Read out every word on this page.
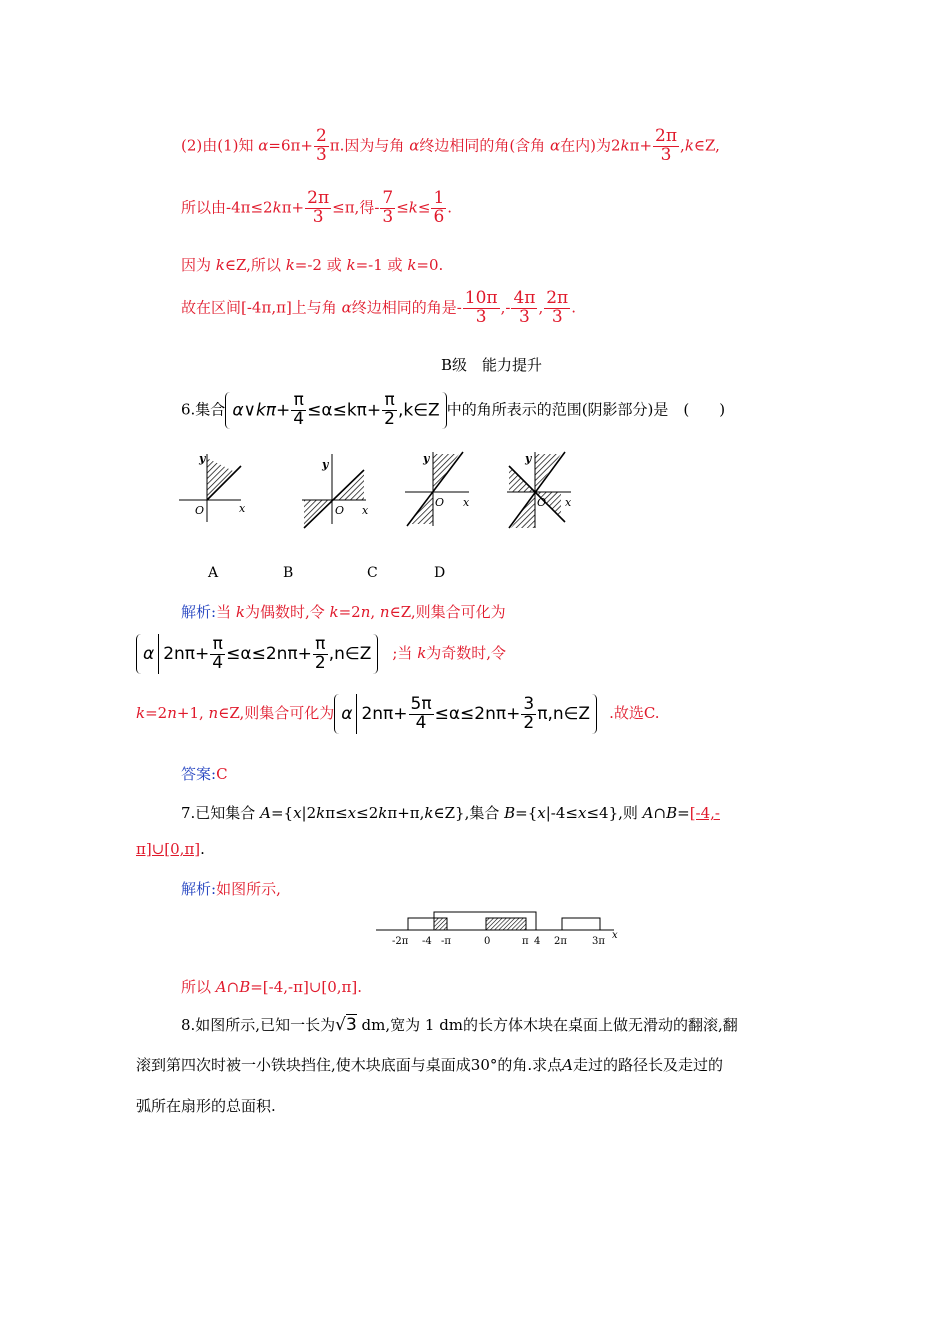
(2)由(1)知 $\alpha=6\pi+ \frac{2}{3} \pi$.因为与角 α终边相同的角(含角 α在内)为$2k\pi+ \frac{2\pi}{3}$ ,k∈Z,
所以由$-4\pi\le 2k\pi+ \frac{2\pi}{3} \le\pi$,得- $\frac{7}{3} \le k\le \frac{1}{6}$ .
因为 k∈Z,所以 k=-2 或 k=-1 或 k=0.
故在区间[-4π,π]上与角 α终边相同的角是- $\frac{10\pi}{3}$ ,- $\frac{4\pi}{3}$ , $\frac{2\pi}{3}$ .
B级　能力提升
6.集合 α∨kπ+ $\frac{\pi}{4} \le\alpha\le k\pi+ \frac{\pi}{2}$ ,k∈Z 中的角所表示的范围(阴影部分)是　(　　)
y
O	x
y
O x
y
O x
y
O x
A	B	C	D
解析:当 k为偶数时,令 k=2n, n∈Z,则集合可化为
α $2n\pi+ \frac{\pi}{4} \le\alpha\le 2n\pi+ \frac{\pi}{2}$ ,n∈Z ;当 k为奇数时,令
k=2n+1, n∈Z,则集合可化为 α $2n\pi+ \frac{5\pi}{4} \le\alpha\le 2n\pi+ \frac{3}{2}$ π,n∈Z .故选C.
答案:C
7.已知集合 A={x|2kπ≤x≤2kπ+π,k∈Z},集合 B={x|-4≤x≤4},则 A∩B=[-4,-
π]∪[0,π].
解析:如图所示,
-2π -4 -π	0	π 4 2π	3π
x
所以 A∩B=[-4,-π]∪[0,π].
8.如图所示,已知一长为√3 dm,宽为 1 dm的长方体木块在桌面上做无滑动的翻滚,翻
滚到第四次时被一小铁块挡住,使木块底面与桌面成30°的角.求点A走过的路径长及走过的
弧所在扇形的总面积.
